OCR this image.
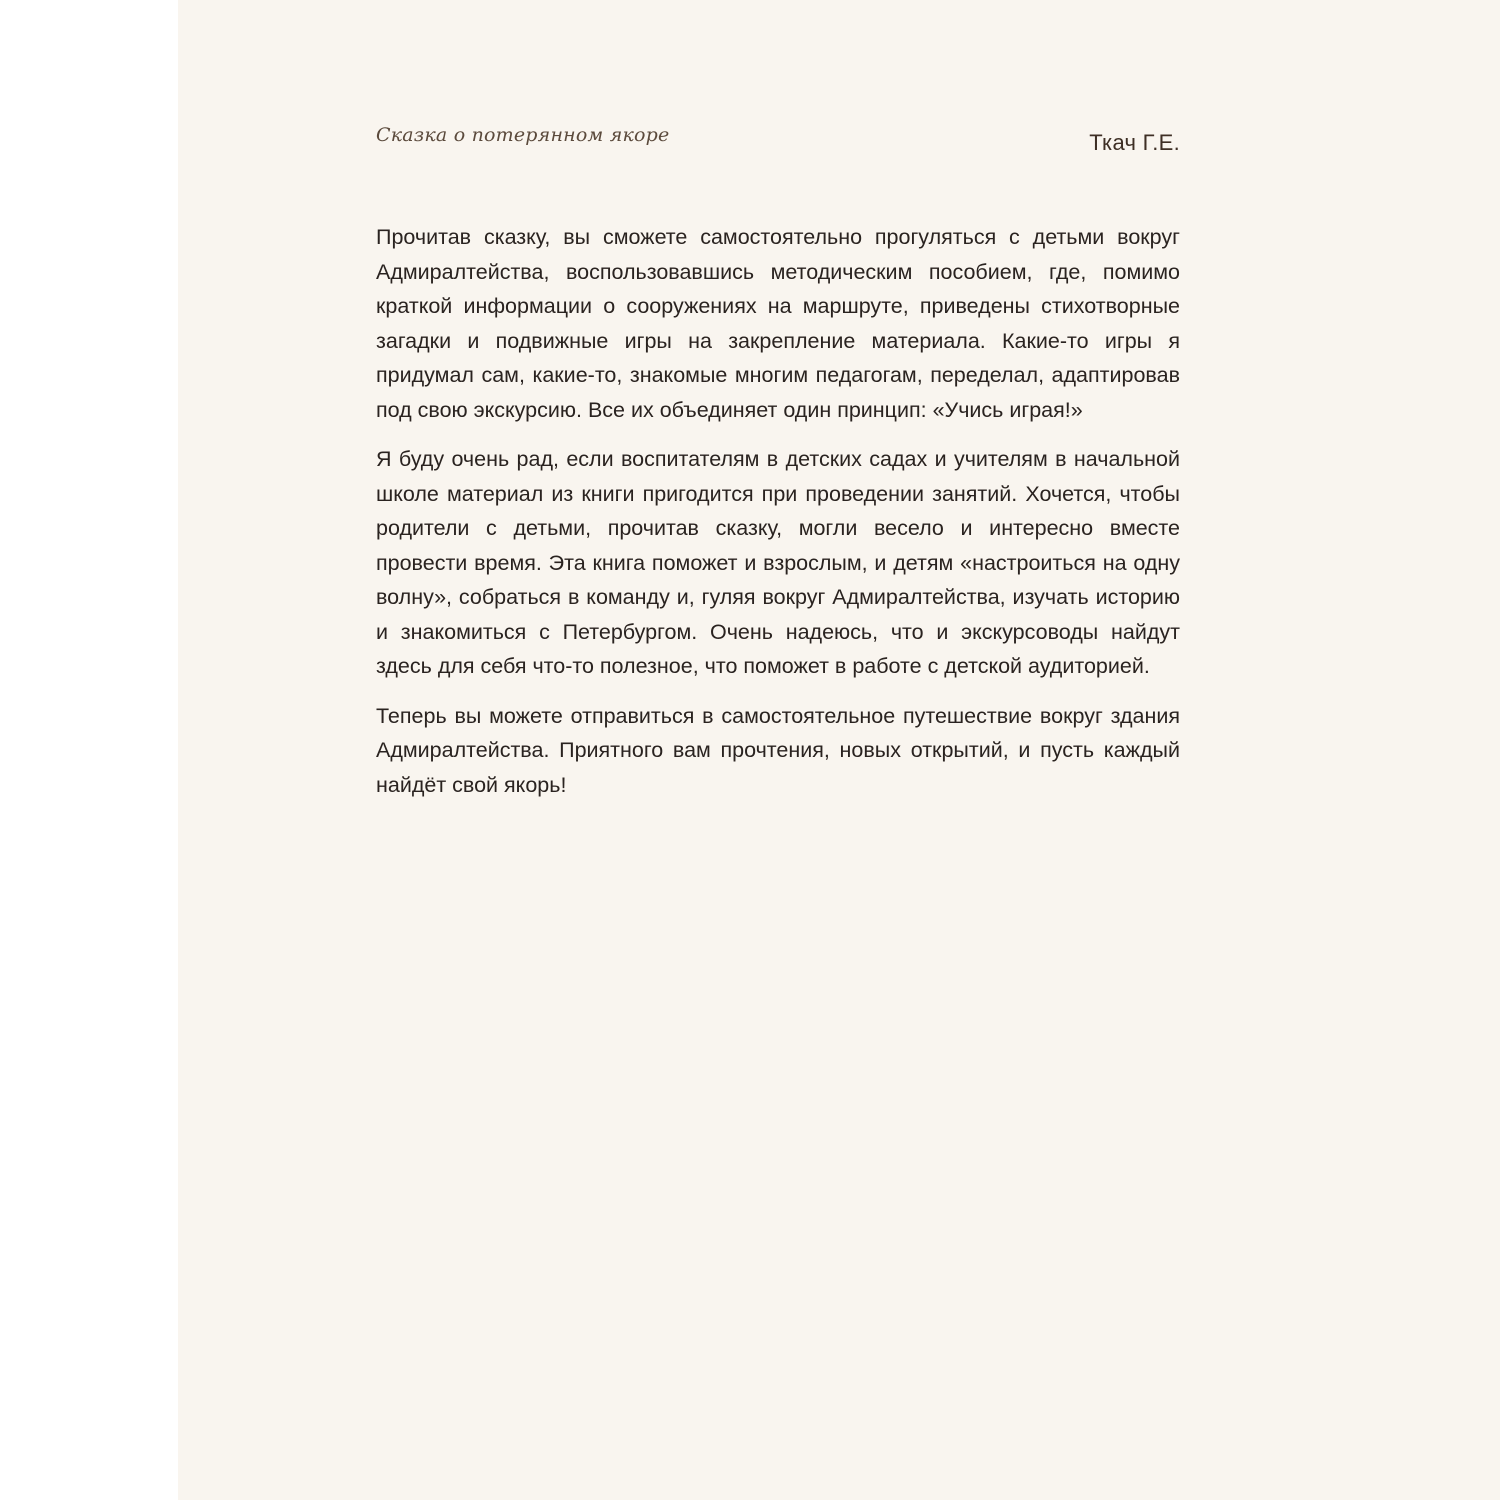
Сказка о потерянном якоре	Ткач Г.Е.

Прочитав сказку, вы сможете самостоятельно прогуляться с детьми вокруг Адмиралтейства, воспользовавшись методическим пособием, где, помимо краткой информации о сооружениях на маршруте, приведены стихотворные загадки и подвижные игры на закрепление материала. Какие-то игры я придумал сам, какие-то, знакомые многим педагогам, переделал, адаптировав под свою экскурсию. Все их объединяет один принцип: «Учись играя!»

Я буду очень рад, если воспитателям в детских садах и учителям в начальной школе материал из книги пригодится при проведении занятий. Хочется, чтобы родители с детьми, прочитав сказку, могли весело и интересно вместе провести время. Эта книга поможет и взрослым, и детям «настроиться на одну волну», собраться в команду и, гуляя вокруг Адмиралтейства, изучать историю и знакомиться с Петербургом. Очень надеюсь, что и экскурсоводы найдут здесь для себя что-то полезное, что поможет в работе с детской аудиторией.

Теперь вы можете отправиться в самостоятельное путешествие вокруг здания Адмиралтейства. Приятного вам прочтения, новых открытий, и пусть каждый найдёт свой якорь!
